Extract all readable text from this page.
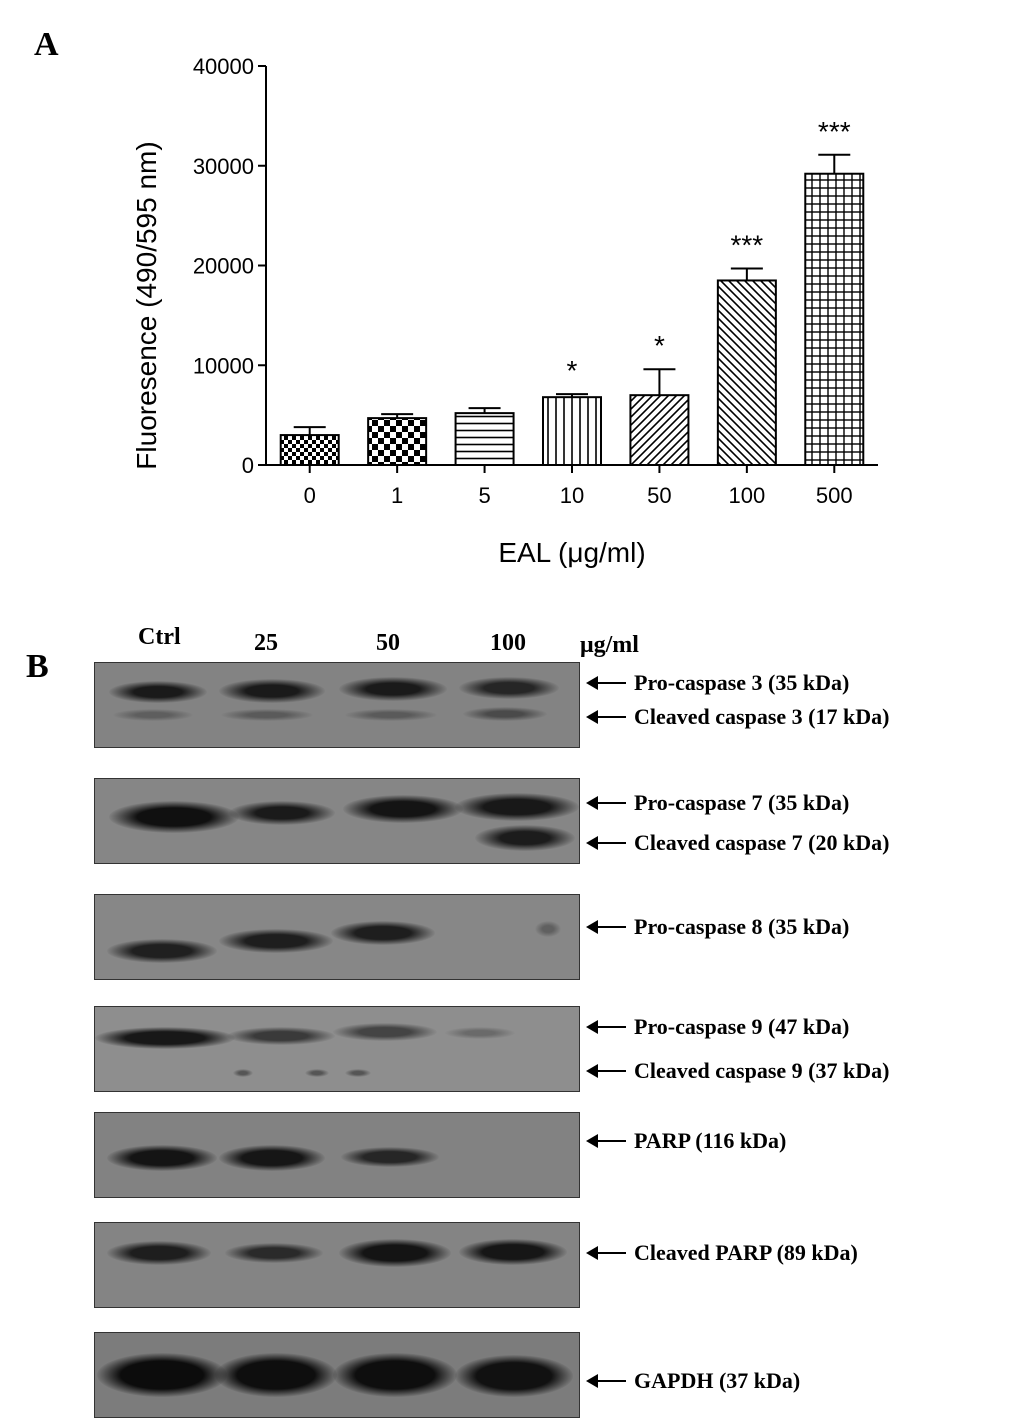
A
0
10000
20000
30000
40000
0	1	5	10
*
50
*
100
***
500
***
EAL (μg/ml)
Fluoresence (490/595 nm)
B
Ctrl	25	50	100 μg/ml
Pro-caspase 3 (35 kDa)
Cleaved caspase 3 (17 kDa)
Pro-caspase 7 (35 kDa)
Cleaved caspase 7 (20 kDa)
Pro-caspase 8 (35 kDa)
Pro-caspase 9 (47 kDa)
Cleaved caspase 9 (37 kDa)
PARP (116 kDa)
Cleaved PARP (89 kDa)
GAPDH (37 kDa)
